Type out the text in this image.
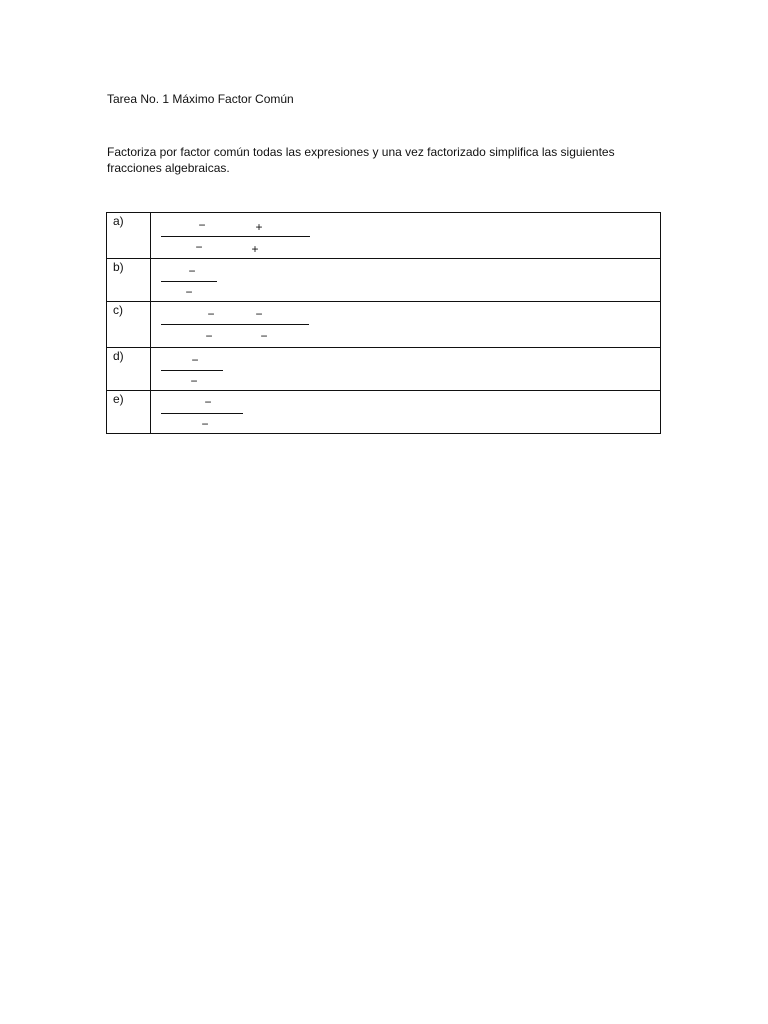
Tarea No. 1 Máximo Factor Común
Factoriza por factor común todas las expresiones y una vez factorizado simplifica las siguientes fracciones algebraicas.
a)	− +
− +

b)	−
−

c)	− −
− −

d)	−
−

e)	−
−
